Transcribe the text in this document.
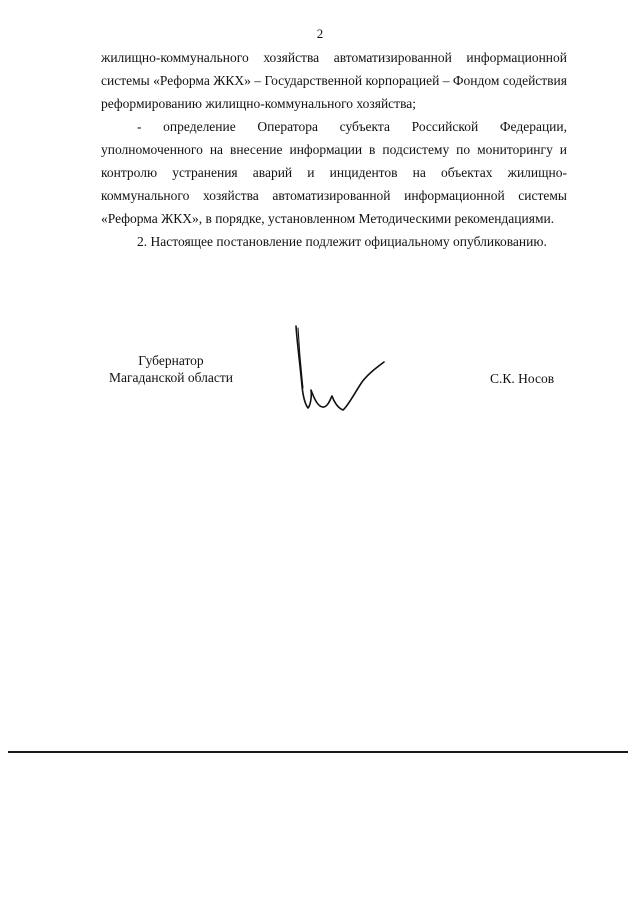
2

жилищно-коммунального хозяйства автоматизированной информационной системы «Реформа ЖКХ» – Государственной корпорацией – Фондом содействия реформированию жилищно-коммунального хозяйства;

- определение Оператора субъекта Российской Федерации, уполномоченного на внесение информации в подсистему по мониторингу и контролю устранения аварий и инцидентов на объектах жилищно-коммунального хозяйства автоматизированной информационной системы «Реформа ЖКХ», в порядке, установленном Методическими рекомендациями.

2. Настоящее постановление подлежит официальному опубликованию.

Губернатор
Магаданской области	С.К. Носов
